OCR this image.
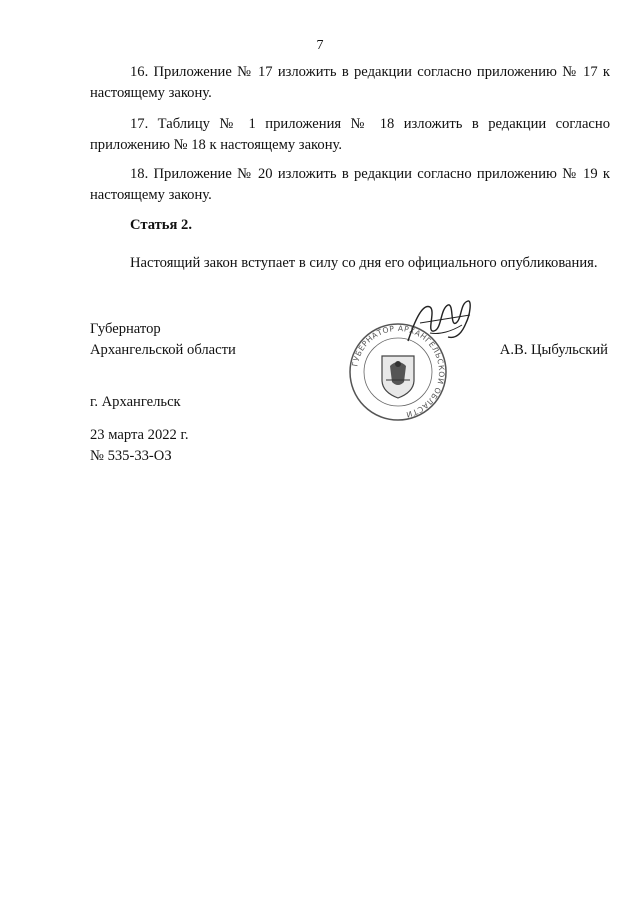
7

16. Приложение № 17 изложить в редакции согласно приложению № 17 к настоящему закону.

17. Таблицу № 1 приложения № 18 изложить в редакции согласно приложению № 18 к настоящему закону.

18. Приложение № 20 изложить в редакции согласно приложению № 19 к настоящему закону.

Статья 2.

Настоящий закон вступает в силу со дня его официального опубликования.

Губернатор
Архангельской области	А.В. Цыбульский
ГУБЕРНАТОР АРХАНГЕЛЬСКОЙ ОБЛАСТИ
г. Архангельск
23 марта 2022 г.
№ 535-33-ОЗ
